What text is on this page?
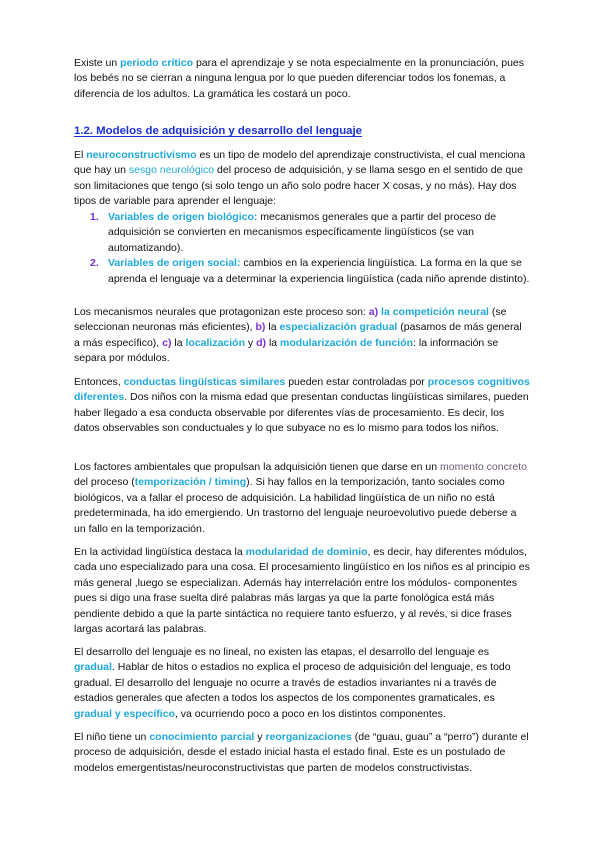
Existe un periodo crítico para el aprendizaje y se nota especialmente en la pronunciación, pues los bebés no se cierran a ninguna lengua por lo que pueden diferenciar todos los fonemas, a diferencia de los adultos. La gramática les costará un poco.

1.2. Modelos de adquisición y desarrollo del lenguaje

El neuroconstructivismo es un tipo de modelo del aprendizaje constructivista, el cual menciona que hay un sesgo neurológico del proceso de adquisición, y se llama sesgo en el sentido de que son limitaciones que tengo (si solo tengo un año solo podre hacer X cosas, y no más). Hay dos tipos de variable para aprender el lenguaje:

1. Variables de origen biológico: mecanismos generales que a partir del proceso de adquisición se convierten en mecanismos específicamente lingüísticos (se van automatizando).
2. Variables de origen social: cambios en la experiencia lingüística. La forma en la que se aprenda el lenguaje va a determinar la experiencia lingüística (cada niño aprende distinto).

Los mecanismos neurales que protagonizan este proceso son: a) la competición neural (se seleccionan neuronas más eficientes), b) la especialización gradual (pasamos de más general a más específico), c) la localización y d) la modularización de función: la información se separa por módulos.

Entonces, conductas lingüísticas similares pueden estar controladas por procesos cognitivos diferentes. Dos niños con la misma edad que presentan conductas lingüísticas similares, pueden haber llegado a esa conducta observable por diferentes vías de procesamiento. Es decir, los datos observables son conductuales y lo que subyace no es lo mismo para todos los niños.

Los factores ambientales que propulsan la adquisición tienen que darse en un momento concreto del proceso (temporización / timing). Si hay fallos en la temporización, tanto sociales como biológicos, va a fallar el proceso de adquisición. La habilidad lingüística de un niño no está predeterminada, ha ido emergiendo. Un trastorno del lenguaje neuroevolutivo puede deberse a un fallo en la temporización.

En la actividad lingüística destaca la modularidad de dominio, es decir, hay diferentes módulos, cada uno especializado para una cosa. El procesamiento lingüístico en los niños es al principio es más general ,luego se especializan. Además hay interrelación entre los módulos- componentes pues si digo una frase suelta diré palabras más largas ya que la parte fonológica está más pendiente debido a que la parte sintáctica no requiere tanto esfuerzo, y al revés, si dice frases largas acortará las palabras.

El desarrollo del lenguaje es no lineal, no existen las etapas, el desarrollo del lenguaje es gradual. Hablar de hitos o estadios no explica el proceso de adquisición del lenguaje, es todo gradual. El desarrollo del lenguaje no ocurre a través de estadios invariantes ni a través de estadios generales que afecten a todos los aspectos de los componentes gramaticales, es gradual y específico, va ocurriendo poco a poco en los distintos componentes.

El niño tiene un conocimiento parcial y reorganizaciones (de “guau, guau” a “perro”) durante el proceso de adquisición, desde el estado inicial hasta el estado final. Este es un postulado de modelos emergentistas/neuroconstructivistas que parten de modelos constructivistas.
